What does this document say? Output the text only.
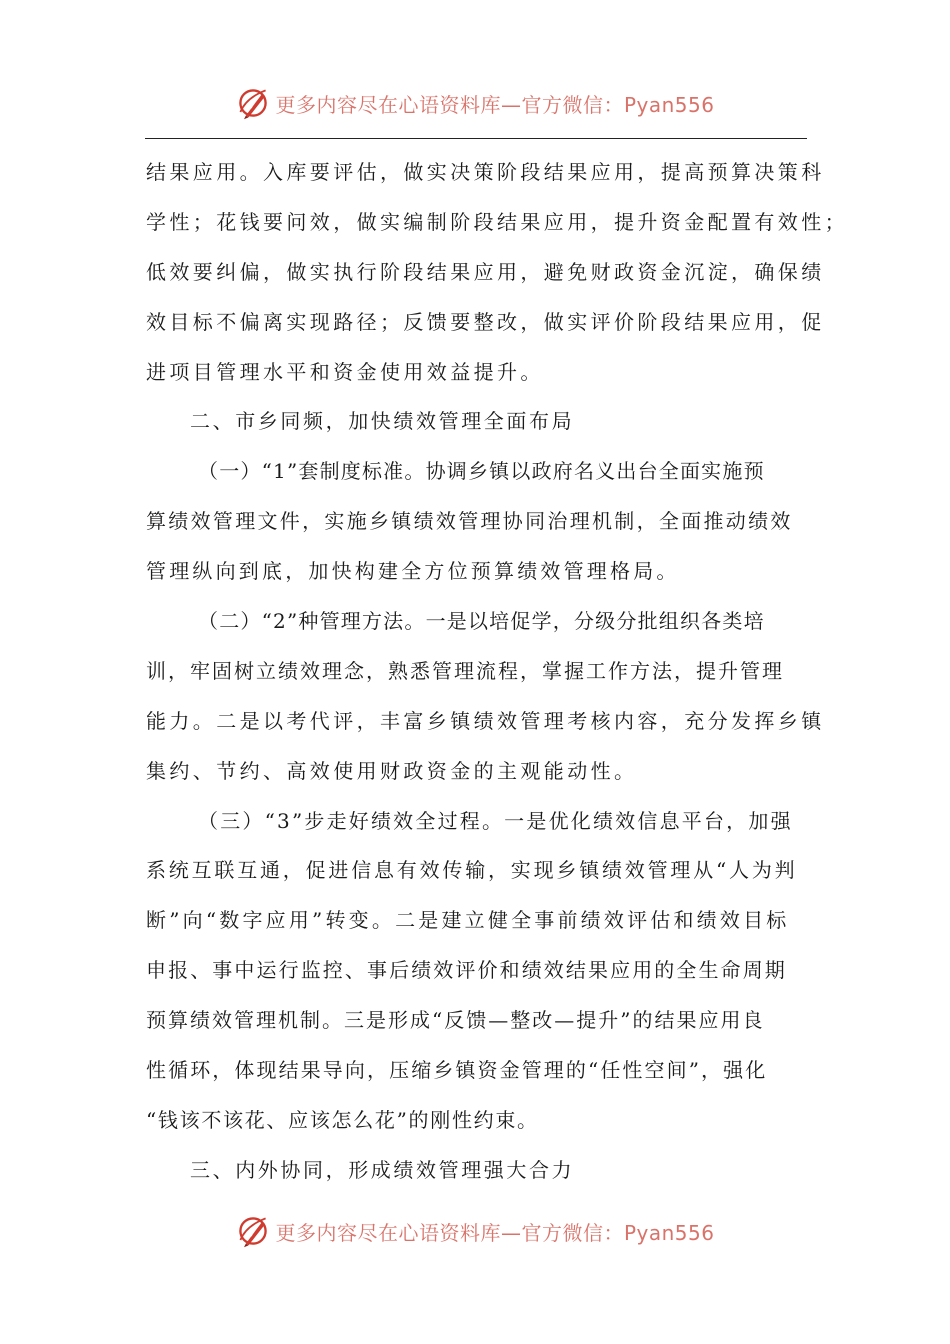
更多内容尽在心语资料库—官方微信：Pyan556
结果应用。入库要评估，做实决策阶段结果应用，提高预算决策科
学性；花钱要问效，做实编制阶段结果应用，提升资金配置有效性；
低效要纠偏，做实执行阶段结果应用，避免财政资金沉淀，确保绩
效目标不偏离实现路径；反馈要整改，做实评价阶段结果应用，促
进项目管理水平和资金使用效益提升。
二、市乡同频，加快绩效管理全面布局
（一）“1”套制度标准。协调乡镇以政府名义出台全面实施预
算绩效管理文件，实施乡镇绩效管理协同治理机制，全面推动绩效
管理纵向到底，加快构建全方位预算绩效管理格局。
（二）“2”种管理方法。一是以培促学，分级分批组织各类培
训，牢固树立绩效理念，熟悉管理流程，掌握工作方法，提升管理
能力。二是以考代评，丰富乡镇绩效管理考核内容，充分发挥乡镇
集约、节约、高效使用财政资金的主观能动性。
（三）“3”步走好绩效全过程。一是优化绩效信息平台，加强
系统互联互通，促进信息有效传输，实现乡镇绩效管理从“人为判
断”向“数字应用”转变。二是建立健全事前绩效评估和绩效目标
申报、事中运行监控、事后绩效评价和绩效结果应用的全生命周期
预算绩效管理机制。三是形成“反馈—整改—提升”的结果应用良
性循环，体现结果导向，压缩乡镇资金管理的“任性空间”，强化
“钱该不该花、应该怎么花”的刚性约束。
三、内外协同，形成绩效管理强大合力
更多内容尽在心语资料库—官方微信：Pyan556
